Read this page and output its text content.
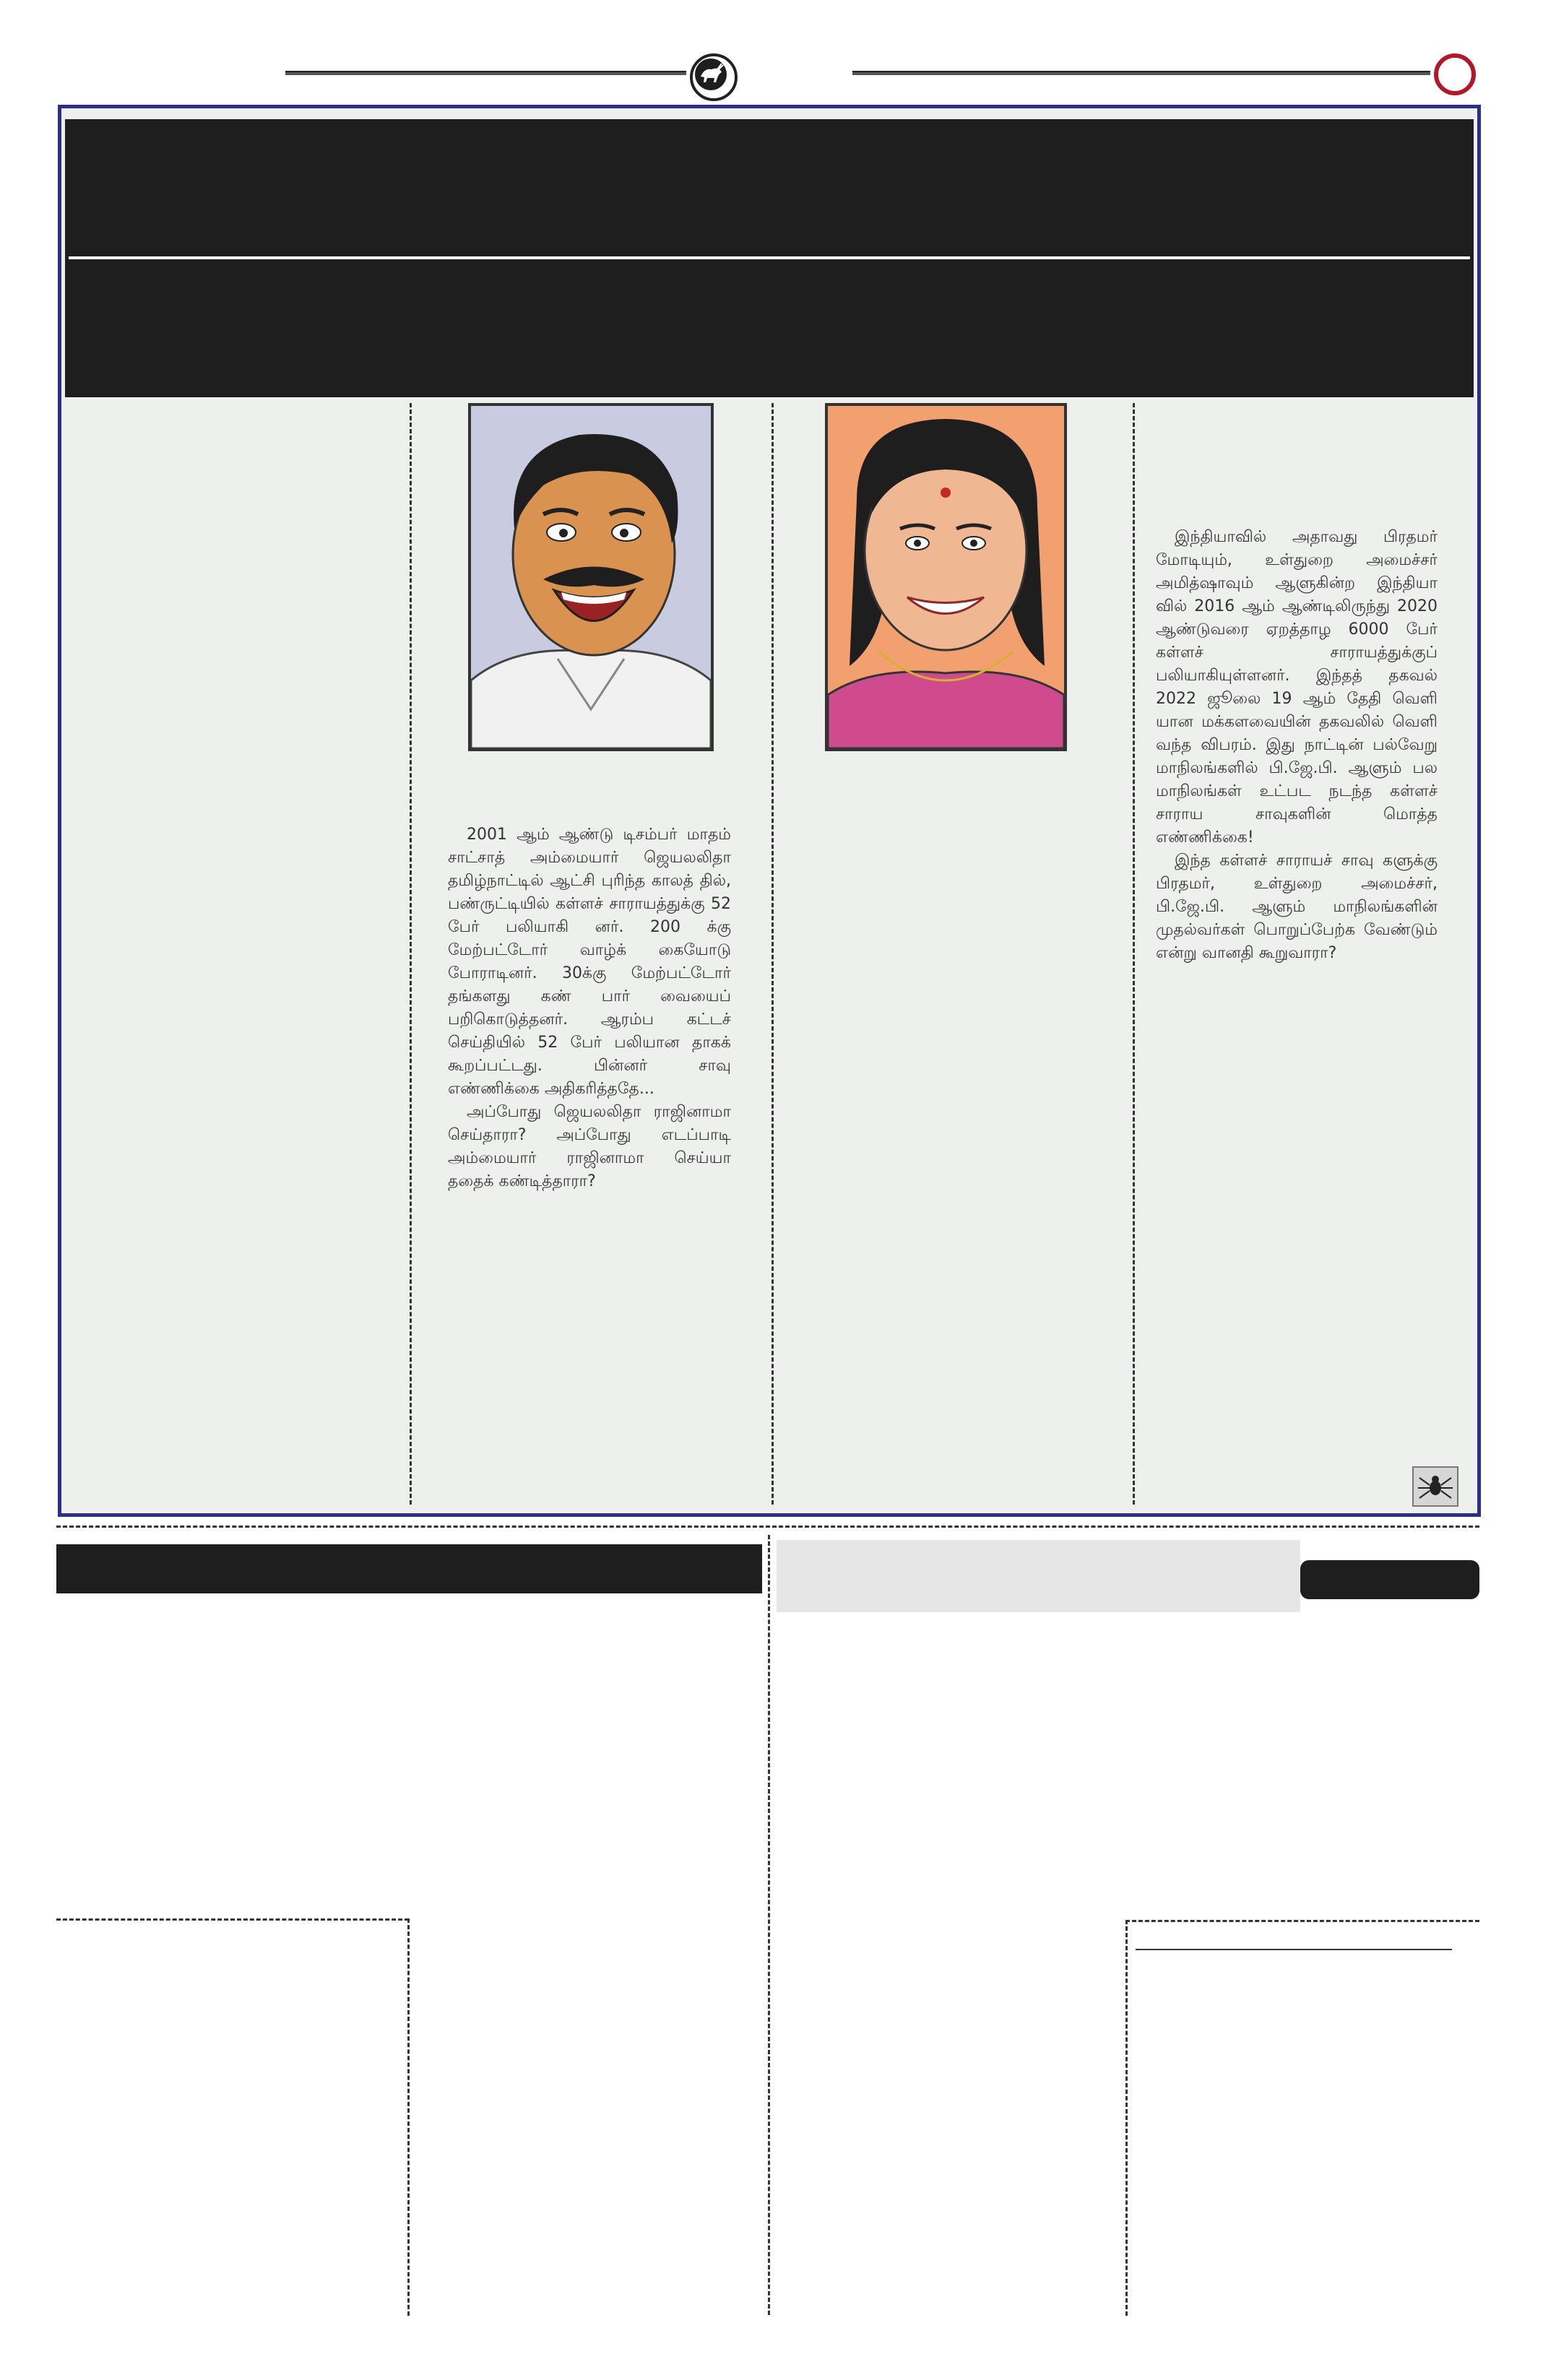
2001 ஆம் ஆண்டு டிசம்பர் மாதம் சாட்சாத் அம்மையார் ஜெயலலிதா தமிழ்நாட்டில் ஆட்சி புரிந்த காலத் தில், பண்ருட்டியில் கள்ளச் சாராயத்துக்கு 52 பேர் பலியாகி னர். 200 க்கு மேற்பட்டோர் வாழ்க் கையோடு போராடினர். 30க்கு மேற்பட்டோர் தங்களது கண் பார் வையைப் பறிகொடுத்தனர். ஆரம்ப கட்டச் செய்தியில் 52 பேர் பலியான தாகக் கூறப்பட்டது. பின்னர் சாவு எண்ணிக்கை அதிகரித்ததே...

அப்போது ஜெயலலிதா ராஜினாமா செய்தாரா? அப்போது எடப்பாடி அம்மையார் ராஜினாமா செய்யா ததைக் கண்டித்தாரா?

இந்தியாவில் அதாவது பிரதமர் மோடியும், உள்துறை அமைச்சர் அமித்ஷாவும் ஆளுகின்ற இந்தியா வில் 2016 ஆம் ஆண்டிலிருந்து 2020 ஆண்டுவரை ஏறத்தாழ 6000 பேர் கள்ளச் சாராயத்துக்குப் பலியாகியுள்ளனர். இந்தத் தகவல் 2022 ஜூலை 19 ஆம் தேதி வெளி யான மக்களவையின் தகவலில் வெளி வந்த விபரம். இது நாட்டின் பல்வேறு மாநிலங்களில் பி.ஜே.பி. ஆளும் பல மாநிலங்கள் உட்பட நடந்த கள்ளச் சாராய சாவுகளின் மொத்த எண்ணிக்கை!

இந்த கள்ளச் சாராயச் சாவு களுக்கு பிரதமர், உள்துறை அமைச்சர், பி.ஜே.பி. ஆளும் மாநிலங்களின் முதல்வர்கள் பொறுப்பேற்க வேண்டும் என்று வானதி கூறுவாரா?
